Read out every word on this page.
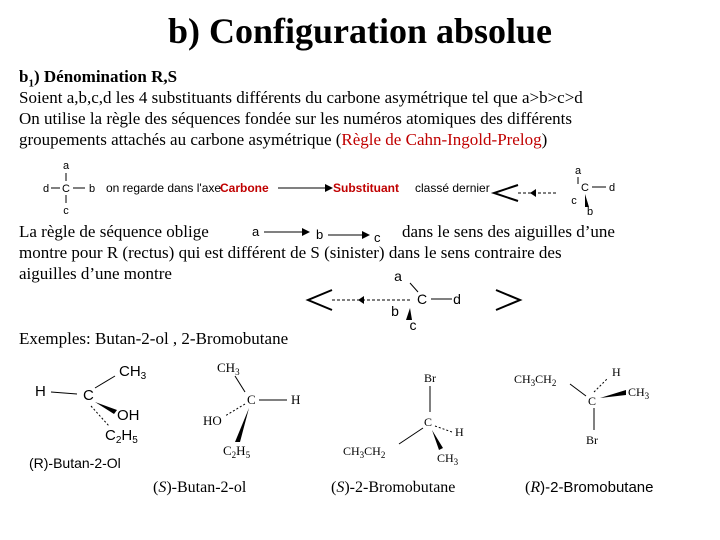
b) Configuration absolue
$b_1$) Dénomination R,S
Soient a,b,c,d les 4 substituants différents du carbone asymétrique tel que a>b>c>d
On utilise la règle des séquences fondée sur les numéros atomiques des différents
groupements attachés au carbone asymétrique (Règle de Cahn-Ingold-Prelog)
a
d C b
c
on regarde dans l'axe
Carbone	Substituant classé dernier
a
C d
c
b
La règle de séquence oblige	a	b	c dans le sens des aiguilles d’une
montre pour R (rectus) qui est différent de S (sinister) dans le sens contraire des
aiguilles d’une montre	a
C d
b
c
Exemples: Butan-2-ol , 2-Bromobutane
H C
$CH_3$
OH
$C_2H_5$
(R)-Butan-2-Ol
$CH_3$
C	H
HO
$C_2H_5$
Br
C
H
$CH_3CH_2$	$CH_3$
H
$CH_3CH_2$
C
$CH_3$
Br
(S)-Butan-2-ol	(S)-2-Bromobutane	(R)-2-Bromobutane
